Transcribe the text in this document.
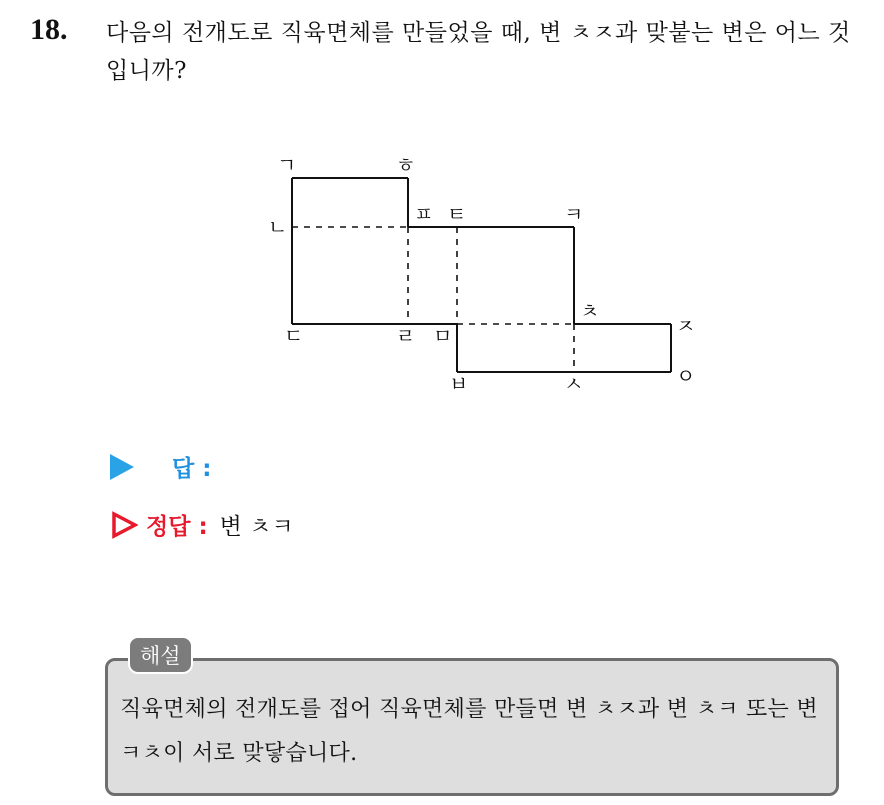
18. 다음의 전개도로 직육면체를 만들었을 때, 변 ㅊㅈ과 맞붙는 변은 어느 것입니까?
ㄱ	ㅎ
ㄴ
ㅍ ㅌ	ㅋ
ㅊ
ㅈ
ㄷ	ㄹ ㅁ
ㅂ	ㅅ	ㅇ
답 :
정답 : 변 ㅊㅋ
해설
직육면체의 전개도를 접어 직육면체를 만들면 변 ㅊㅈ과 변 ㅊㅋ 또는 변 ㅋㅊ이 서로 맞닿습니다.
